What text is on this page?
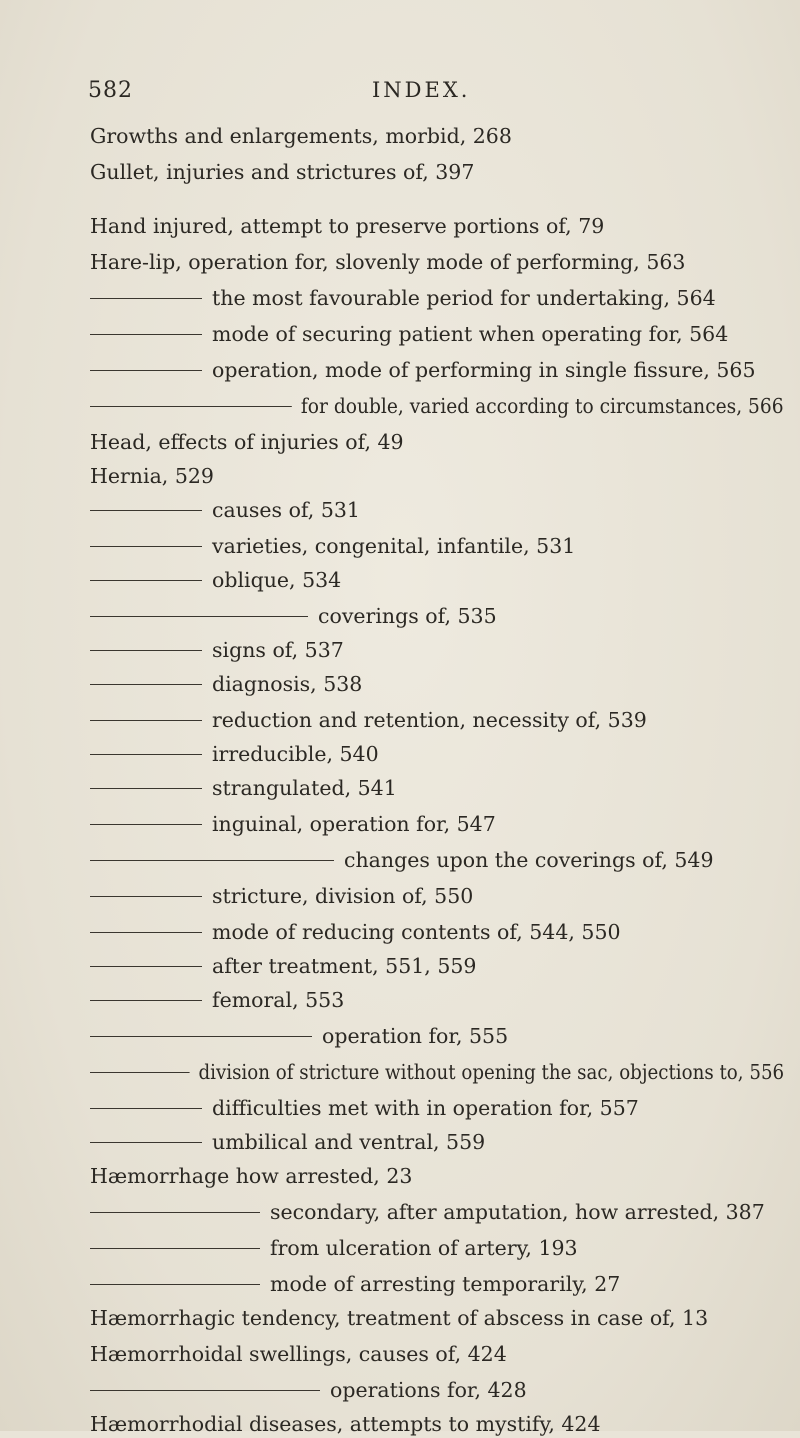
582	INDEX.
Growths and enlargements, morbid, 268
Gullet, injuries and strictures of, 397
Hand injured, attempt to preserve portions of, 79
Hare-lip, operation for, slovenly mode of performing, 563
the most favourable period for undertaking, 564
mode of securing patient when operating for, 564
operation, mode of performing in single fissure, 565
for double, varied according to circumstances, 566
Head, effects of injuries of, 49
Hernia, 529
causes of, 531
varieties, congenital, infantile, 531
oblique, 534
coverings of, 535
signs of, 537
diagnosis, 538
reduction and retention, necessity of, 539
irreducible, 540
strangulated, 541
inguinal, operation for, 547
changes upon the coverings of, 549
stricture, division of, 550
mode of reducing contents of, 544, 550
after treatment, 551, 559
femoral, 553
operation for, 555
division of stricture without opening the sac, objections to, 556
difficulties met with in operation for, 557
umbilical and ventral, 559
Hæmorrhage how arrested, 23
secondary, after amputation, how arrested, 387
from ulceration of artery, 193
mode of arresting temporarily, 27
Hæmorrhagic tendency, treatment of abscess in case of, 13
Hæmorrhoidal swellings, causes of, 424
operations for, 428
Hæmorrhodial diseases, attempts to mystify, 424
